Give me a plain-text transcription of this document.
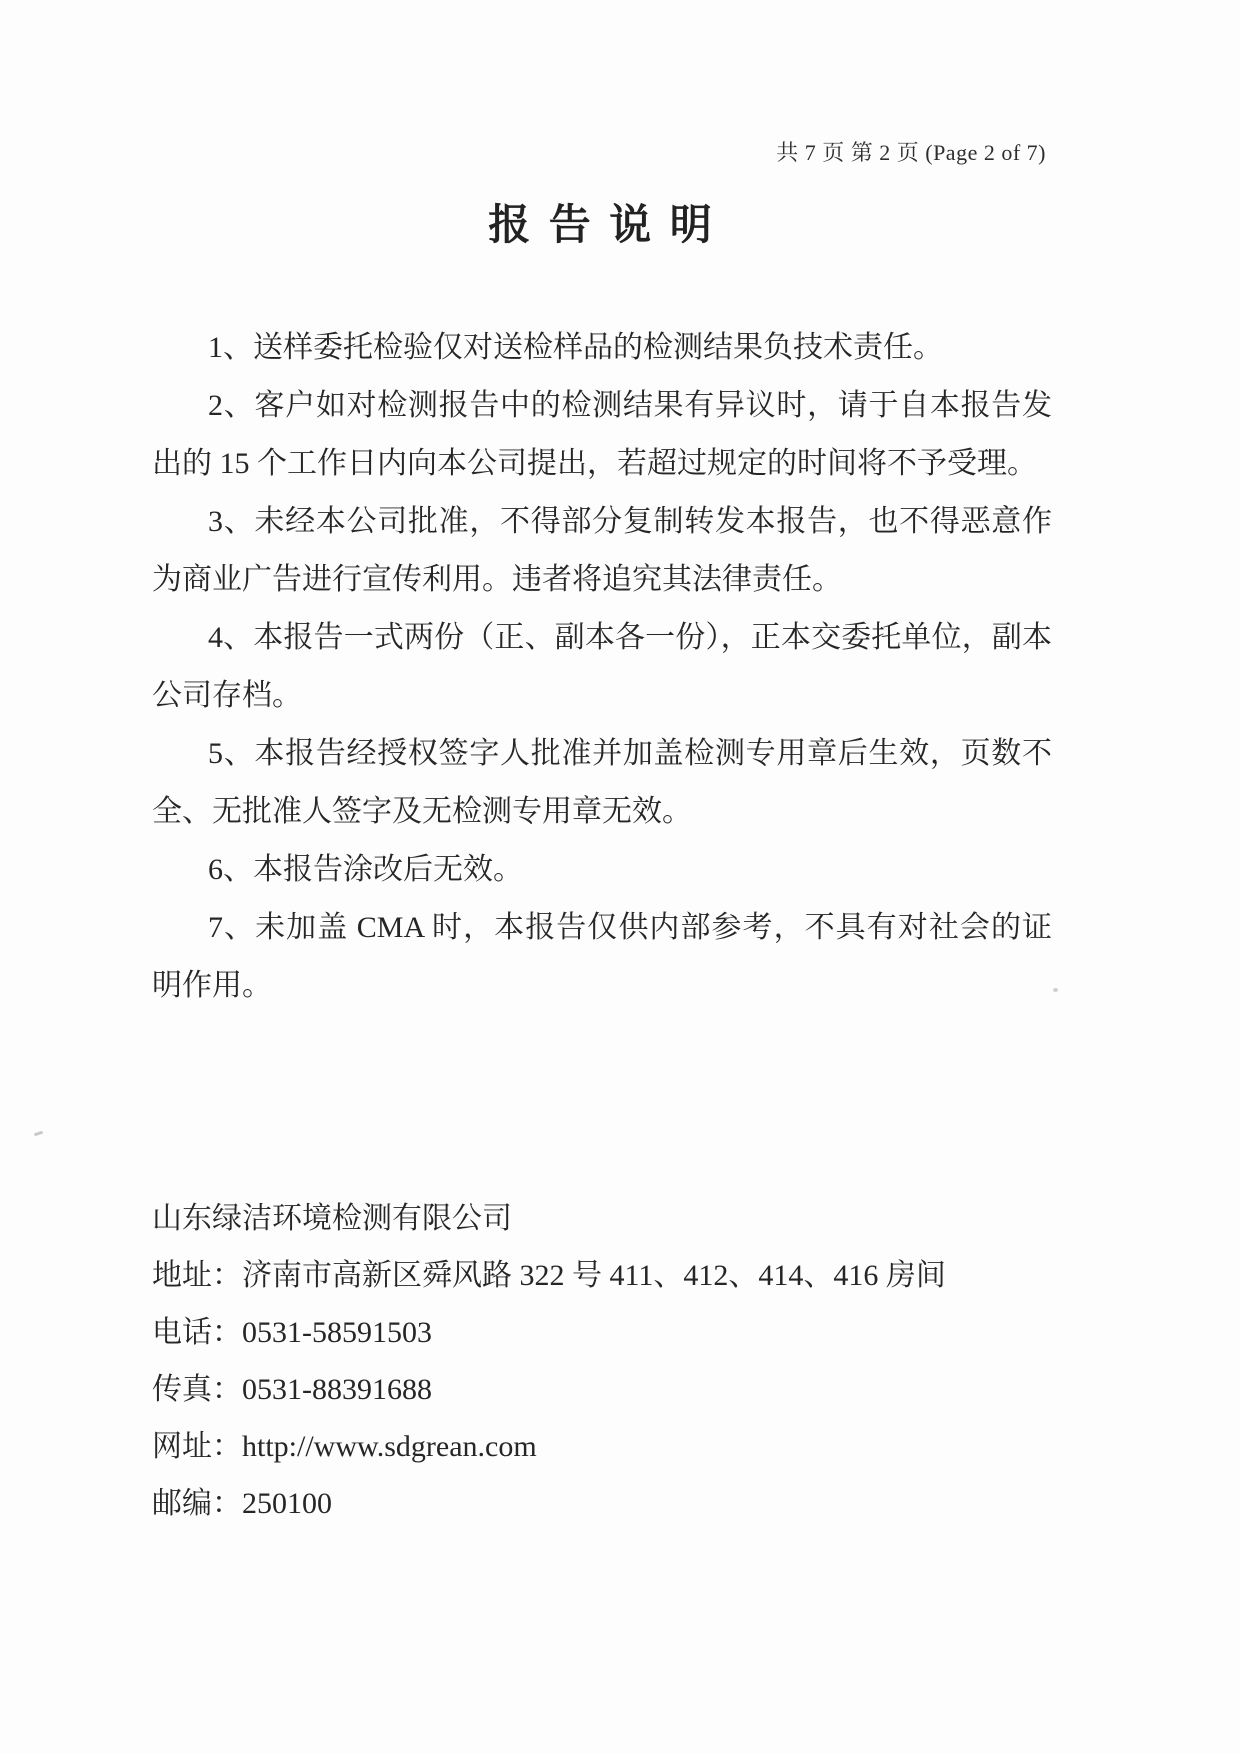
共 7 页 第 2 页 (Page 2 of 7)
报 告 说 明

1、送样委托检验仅对送检样品的检测结果负技术责任。

2、客户如对检测报告中的检测结果有异议时，请于自本报告发出的 15 个工作日内向本公司提出，若超过规定的时间将不予受理。

3、未经本公司批准，不得部分复制转发本报告，也不得恶意作为商业广告进行宣传利用。违者将追究其法律责任。

4、本报告一式两份（正、副本各一份），正本交委托单位，副本公司存档。

5、本报告经授权签字人批准并加盖检测专用章后生效，页数不全、无批准人签字及无检测专用章无效。

6、本报告涂改后无效。

7、未加盖 CMA 时，本报告仅供内部参考，不具有对社会的证明作用。

山东绿洁环境检测有限公司

地址：济南市高新区舜风路 322 号 411、412、414、416 房间

电话：0531-58591503

传真：0531-88391688

网址：http://www.sdgrean.com

邮编：250100
